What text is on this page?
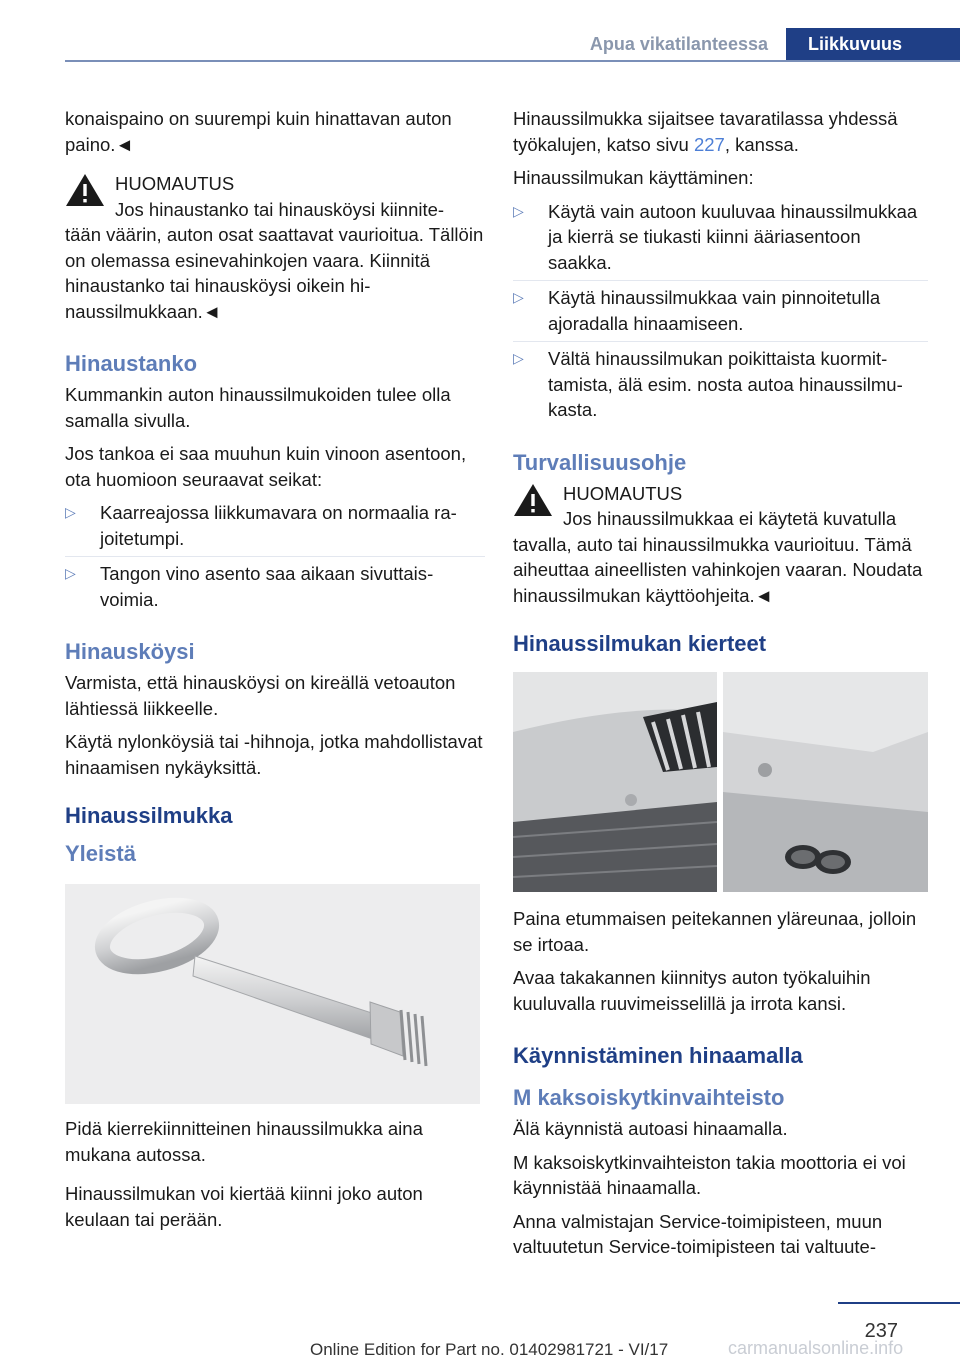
Apua vikatilanteessa	Liikkuvuus

konaispaino on suurempi kuin hinattavan auton paino.◄

HUOMAUTUS
Jos hinaustanko tai hinausköysi kiinnite-
tään väärin, auton osat saattavat vaurioitua. Tällöin on olemassa esinevahinkojen vaara. Kiinnitä hinaustanko tai hinausköysi oikein hinaussilmukkaan.◄
Hinaustanko

Kummankin auton hinaussilmukoiden tulee olla samalla sivulla.

Jos tankoa ei saa muuhun kuin vinoon asentoon, ota huomioon seuraavat seikat:

▷ Kaarreajossa liikkumavara on normaalia rajoitetumpi.
▷ Tangon vino asento saa aikaan sivuttaisvoimia.
Hinausköysi

Varmista, että hinausköysi on kireällä vetoauton lähtiessä liikkeelle.

Käytä nylonköysiä tai -hihnoja, jotka mahdollistavat hinaamisen nykäyksittä.

Hinaussilmukka
Yleistä

Pidä kierrekiinnitteinen hinaussilmukka aina mukana autossa.

Hinaussilmukan voi kiertää kiinni joko auton keulaan tai perään.

Hinaussilmukka sijaitsee tavaratilassa yhdessä työkalujen, katso sivu 227, kanssa.

Hinaussilmukan käyttäminen:

▷ Käytä vain autoon kuuluvaa hinaussilmukkaa ja kierrä se tiukasti kiinni ääriasentoon saakka.
▷ Käytä hinaussilmukkaa vain pinnoitetulla ajoradalla hinaamiseen.
▷ Vältä hinaussilmukan poikittaista kuormittamista, älä esim. nosta autoa hinaussilmukasta.
Turvallisuusohje
HUOMAUTUS
Jos hinaussilmukkaa ei käytetä kuvatulla
tavalla, auto tai hinaussilmukka vaurioituu. Tämä aiheuttaa aineellisten vahinkojen vaaran. Noudata hinaussilmukan käyttöohjeita.◄
Hinaussilmukan kierteet

Paina etummaisen peitekannen yläreunaa, jolloin se irtoaa.

Avaa takakannen kiinnitys auton työkaluihin kuuluvalla ruuvimeisselillä ja irrota kansi.

Käynnistäminen hinaamalla
M kaksoiskytkinvaihteisto

Älä käynnistä autoasi hinaamalla.

M kaksoiskytkinvaihteiston takia moottoria ei voi käynnistää hinaamalla.

Anna valmistajan Service-toimipisteen, muun valtuutetun Service-toimipisteen tai valtuute-

237
Online Edition for Part no. 01402981721 - VI/17	carmanualsonline.info
